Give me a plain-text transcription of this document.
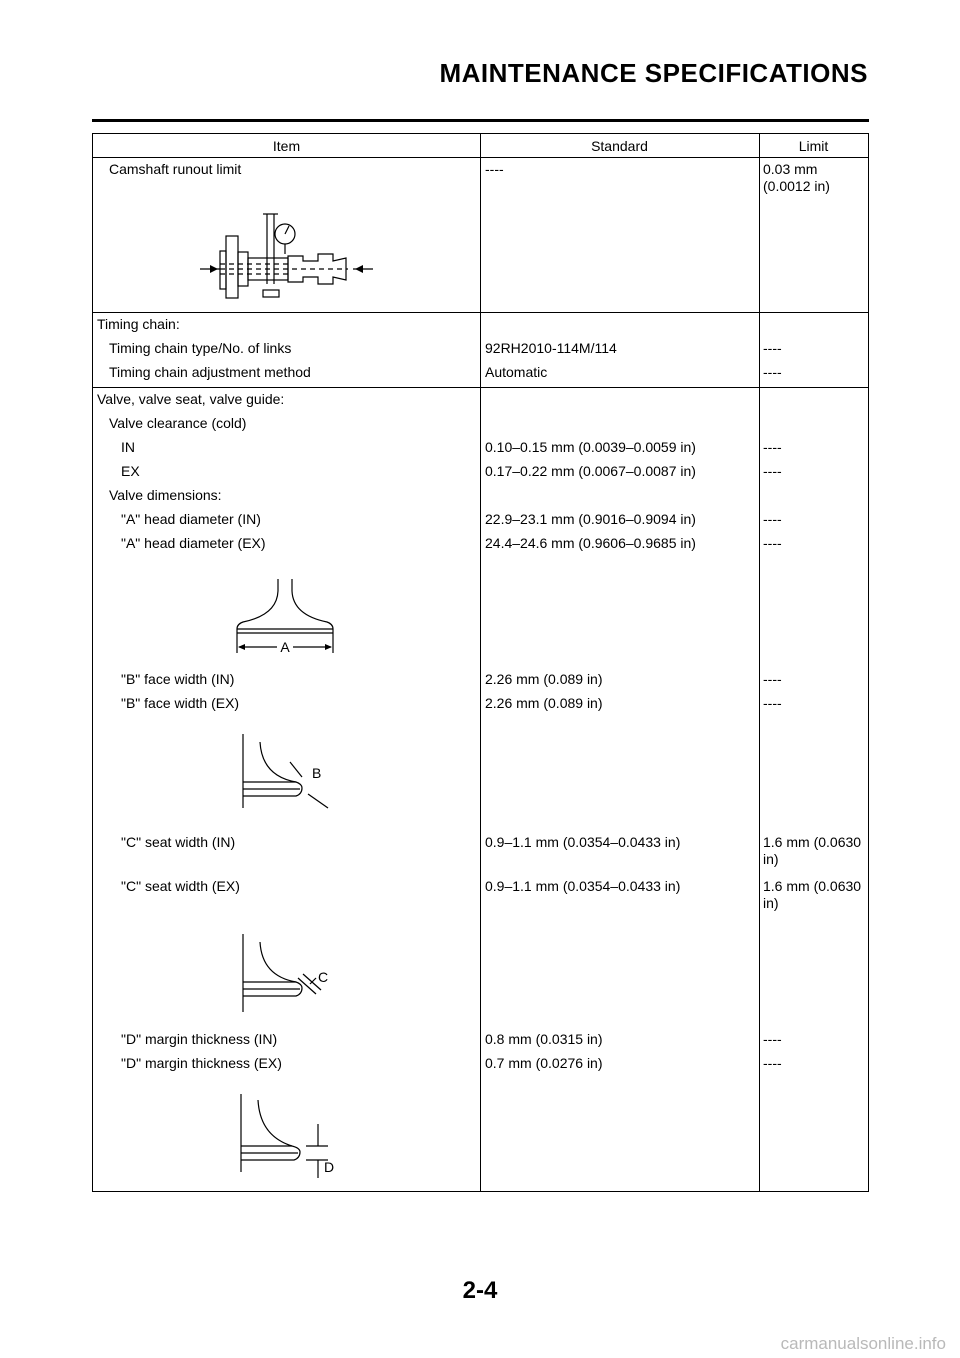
MAINTENANCE SPECIFICATIONS
Item	Standard	Limit
Camshaft runout limit	----	0.03 mm (0.0012 in)
Timing chain:
Timing chain type/No. of links	92RH2010-114M/114	----
Timing chain adjustment method	Automatic	----
Valve, valve seat, valve guide:
Valve clearance (cold)
IN	0.10–0.15 mm (0.0039–0.0059 in)	----
EX	0.17–0.22 mm (0.0067–0.0087 in)	----
Valve dimensions:
"A" head diameter (IN)	22.9–23.1 mm (0.9016–0.9094 in)	----
"A" head diameter (EX)	24.4–24.6 mm (0.9606–0.9685 in)	----
A
"B" face width (IN)	2.26 mm (0.089 in)	----
"B" face width (EX)	2.26 mm (0.089 in)	----
B
"C" seat width (IN)	0.9–1.1 mm (0.0354–0.0433 in)	1.6 mm (0.0630 in)
"C" seat width (EX)	0.9–1.1 mm (0.0354–0.0433 in)	1.6 mm (0.0630 in)
C
"D" margin thickness (IN)	0.8 mm (0.0315 in)	----
"D" margin thickness (EX)	0.7 mm (0.0276 in)	----
D
2-4
carmanualsonline.info
